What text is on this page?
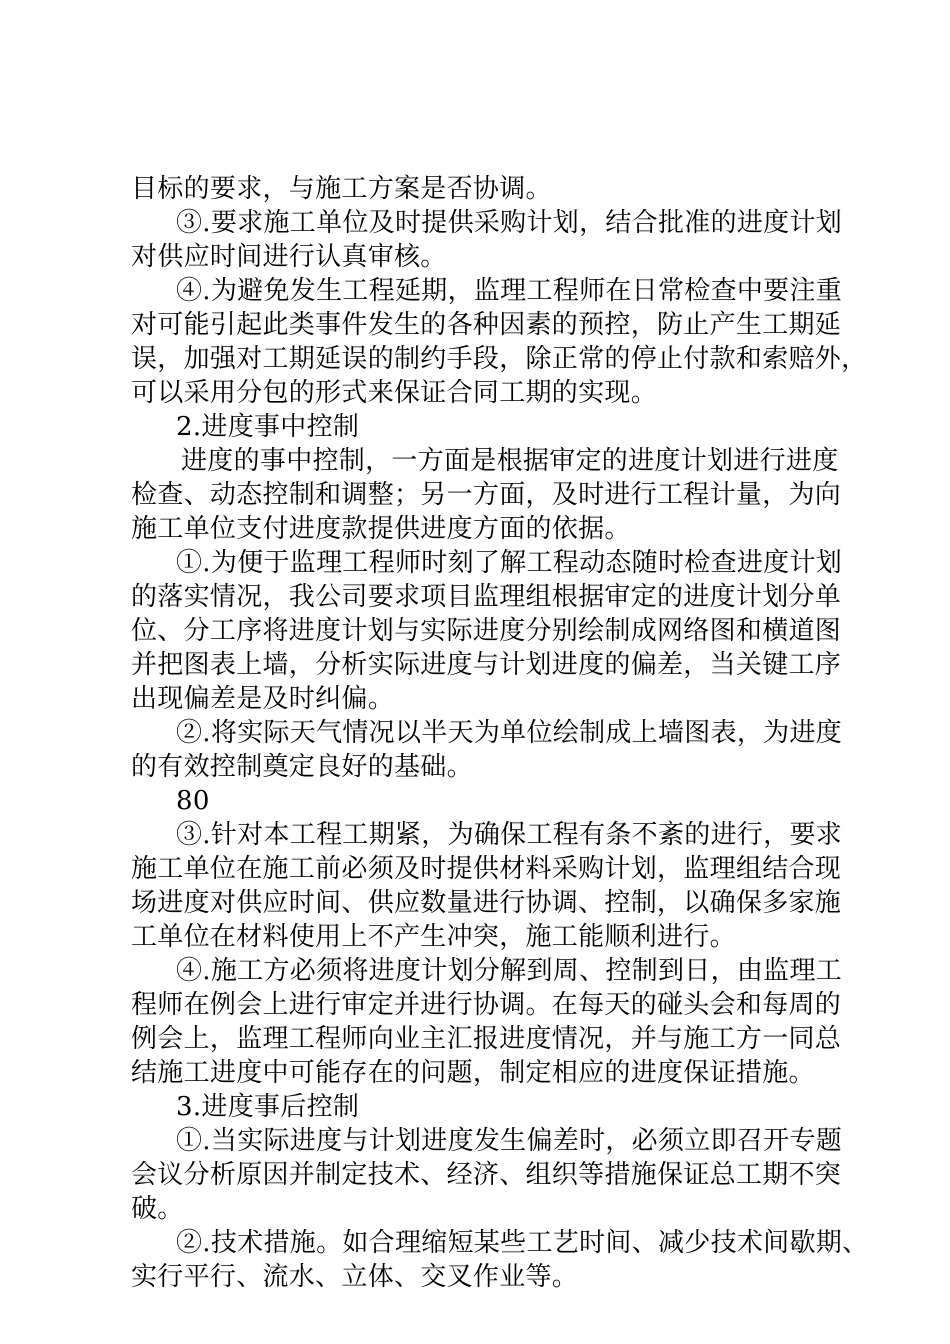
目标的要求，与施工方案是否协调。
③.要求施工单位及时提供采购计划，结合批准的进度计划
对供应时间进行认真审核。
④.为避免发生工程延期，监理工程师在日常检查中要注重
对可能引起此类事件发生的各种因素的预控，防止产生工期延
误，加强对工期延误的制约手段，除正常的停止付款和索赔外，
可以采用分包的形式来保证合同工期的实现。
2.进度事中控制
进度的事中控制，一方面是根据审定的进度计划进行进度
检查、动态控制和调整；另一方面，及时进行工程计量，为向
施工单位支付进度款提供进度方面的依据。
①.为便于监理工程师时刻了解工程动态随时检查进度计划
的落实情况，我公司要求项目监理组根据审定的进度计划分单
位、分工序将进度计划与实际进度分别绘制成网络图和横道图
并把图表上墙，分析实际进度与计划进度的偏差，当关键工序
出现偏差是及时纠偏。
②.将实际天气情况以半天为单位绘制成上墙图表，为进度
的有效控制奠定良好的基础。
80
③.针对本工程工期紧，为确保工程有条不紊的进行，要求
施工单位在施工前必须及时提供材料采购计划，监理组结合现
场进度对供应时间、供应数量进行协调、控制，以确保多家施
工单位在材料使用上不产生冲突，施工能顺利进行。
④.施工方必须将进度计划分解到周、控制到日，由监理工
程师在例会上进行审定并进行协调。在每天的碰头会和每周的
例会上，监理工程师向业主汇报进度情况，并与施工方一同总
结施工进度中可能存在的问题，制定相应的进度保证措施。
3.进度事后控制
①.当实际进度与计划进度发生偏差时，必须立即召开专题
会议分析原因并制定技术、经济、组织等措施保证总工期不突
破。
②.技术措施。如合理缩短某些工艺时间、减少技术间歇期、
实行平行、流水、立体、交叉作业等。
